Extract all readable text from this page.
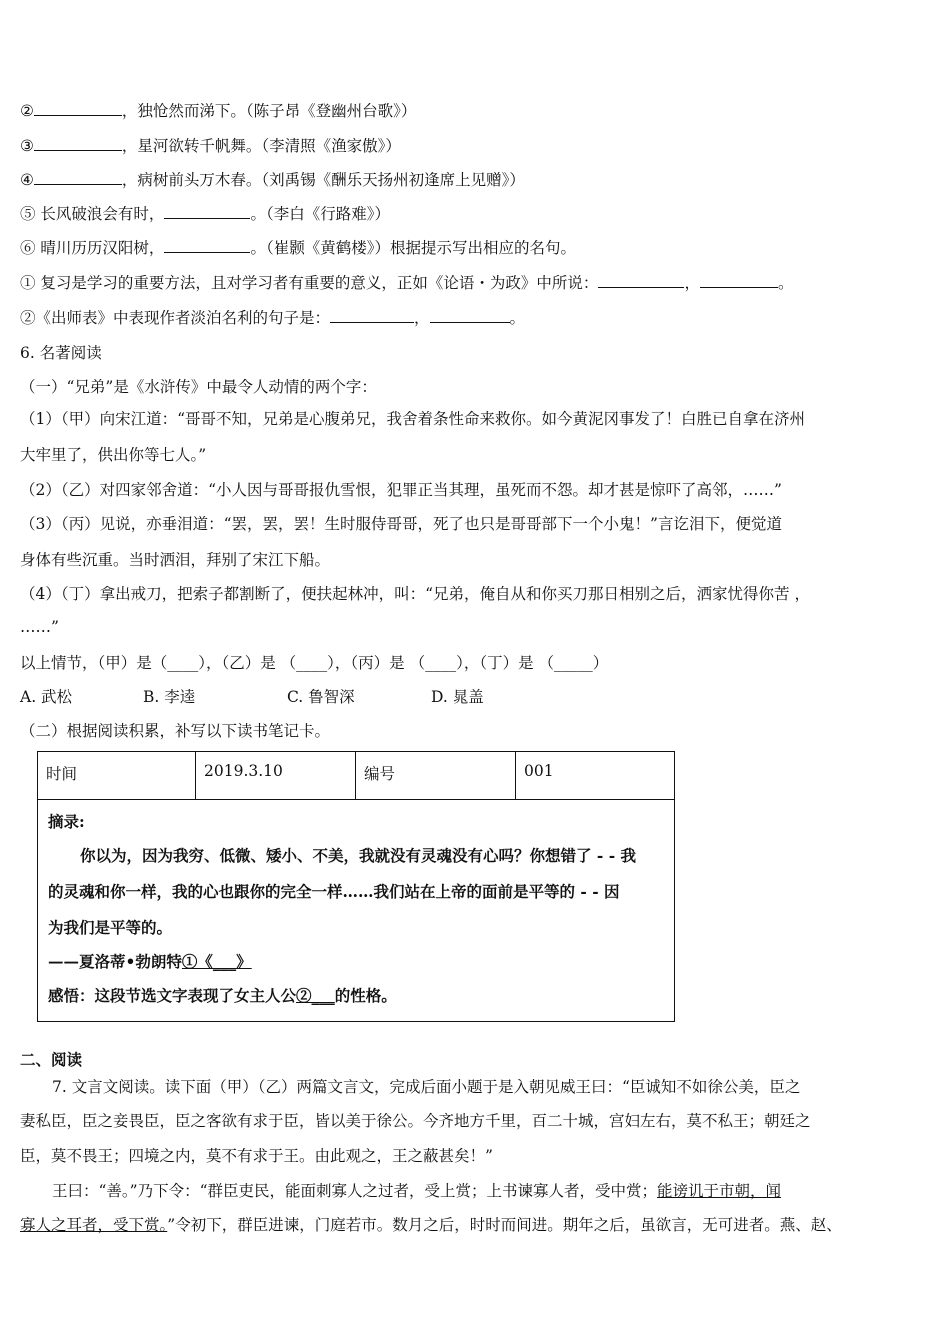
②	，独怆然而涕下。（陈子昂《登幽州台歌》）
③	，星河欲转千帆舞。（李清照《渔家傲》）
④	，病树前头万木春。（刘禹锡《酬乐天扬州初逢席上见赠》）
⑤ 长风破浪会有时，	。（李白《行路难》）
⑥ 晴川历历汉阳树，	。（崔颢《黄鹤楼》）根据提示写出相应的名句。
① 复习是学习的重要方法，且对学习者有重要的意义，正如《论语・为政》中所说：	，	。
②《出师表》中表现作者淡泊名利的句子是：	，	。
6. 名著阅读
（一）“兄弟”是《水浒传》中最令人动情的两个字：
（1）（甲）向宋江道：“哥哥不知，兄弟是心腹弟兄，我舍着条性命来救你。如今黄泥冈事发了！白胜已自拿在济州
大牢里了，供出你等七人。”
（2）（乙）对四家邻舍道：“小人因与哥哥报仇雪恨，犯罪正当其理，虽死而不怨。却才甚是惊吓了高邻，……”
（3）（丙）见说，亦垂泪道：“罢，罢，罢！生时服侍哥哥，死了也只是哥哥部下一个小鬼！”言讫泪下，便觉道
身体有些沉重。当时洒泪，拜别了宋江下船。
（4）（丁）拿出戒刀，把索子都割断了，便扶起林冲，叫：“兄弟，俺自从和你买刀那日相别之后，洒家忧得你苦 ，
……”
以上情节，（甲）是（____），（乙）是 （____），（丙）是 （____），（丁）是 （_____）
A. 武松	B. 李逵	C. 鲁智深	D. 晁盖
（二）根据阅读积累，补写以下读书笔记卡。
时间	2019.3.10	编号	001
摘录:
你以为，因为我穷、低微、矮小、不美，我就没有灵魂没有心吗？你想错了 - - 我
的灵魂和你一样，我的心也跟你的完全一样……我们站在上帝的面前是平等的 - - 因
为我们是平等的。
——夏洛蒂•勃朗特①《___》
感悟：这段节选文字表现了女主人公②___的性格。
二、阅读
7. 文言文阅读。读下面（甲）（乙）两篇文言文，完成后面小题于是入朝见威王曰：“臣诚知不如徐公美，臣之
妻私臣，臣之妾畏臣，臣之客欲有求于臣，皆以美于徐公。今齐地方千里，百二十城，宫妇左右，莫不私王；朝廷之
臣，莫不畏王；四境之内，莫不有求于王。由此观之，王之蔽甚矣！”
王曰：“善。”乃下令：“群臣吏民，能面刺寡人之过者，受上赏；上书谏寡人者，受中赏；能谤讥于市朝，闻
寡人之耳者，受下赏。”令初下，群臣进谏，门庭若市。数月之后，时时而间进。期年之后，虽欲言，无可进者。燕、赵、
